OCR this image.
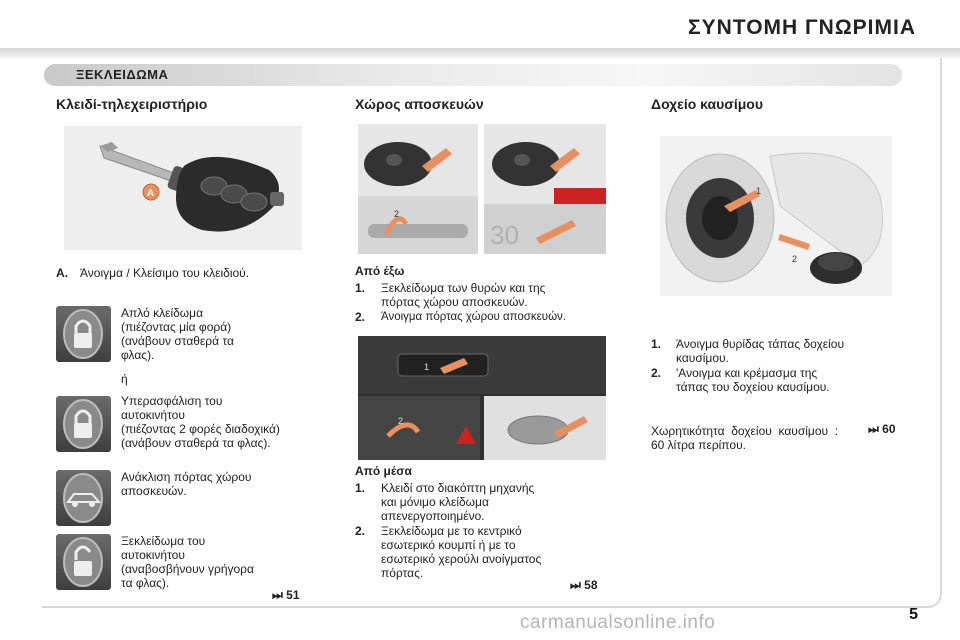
ΣΥΝΤΟΜΗ ΓΝΩΡΙΜΙΑ
ΞΕΚΛΕΙΔΩΜΑ
Κλειδί-τηλεχειριστήριο
A
A. Άνοιγμα / Κλείσιμο του κλειδιού.
Απλό κλείδωμα
(πιέζοντας μία φορά)
(ανάβουν σταθερά τα
φλας).
ή
Υπερασφάλιση του
αυτοκινήτου
(πιέζοντας 2 φορές διαδοχικά)
(ανάβουν σταθερά τα φλας).
Ανάκλιση πόρτας χώρου
αποσκευών.
Ξεκλείδωμα του
αυτοκινήτου
(αναβοσβήνουν γρήγορα
τα φλας).
⏭ 51
Χώρος αποσκευών
1
2
1
30
Από έξω
1. Ξεκλείδωμα των θυρών και της
πόρτας χώρου αποσκευών.
2. Άνοιγμα πόρτας χώρου αποσκευών.
1
2
Από μέσα
1. Κλειδί στο διακόπτη μηχανής
και μόνιμο κλείδωμα
απενεργοποιημένο.
2. Ξεκλείδωμα με το κεντρικό
εσωτερικό κουμπί ή με το
εσωτερικό χερούλι ανοίγματος
πόρτας.
⏭ 58
Δοχείο καυσίμου
1
2
1. Άνοιγμα θυρίδας τάπας δοχείου
καυσίμου.
2. 'Ανοιγμα και κρέμασμα της
τάπας του δοχείου καυσίμου.

Χωρητικότητα  δοχείου  καυσίμου  :
60 λίτρα περίπου.

⏭ 60
5
carmanualsonline.info
